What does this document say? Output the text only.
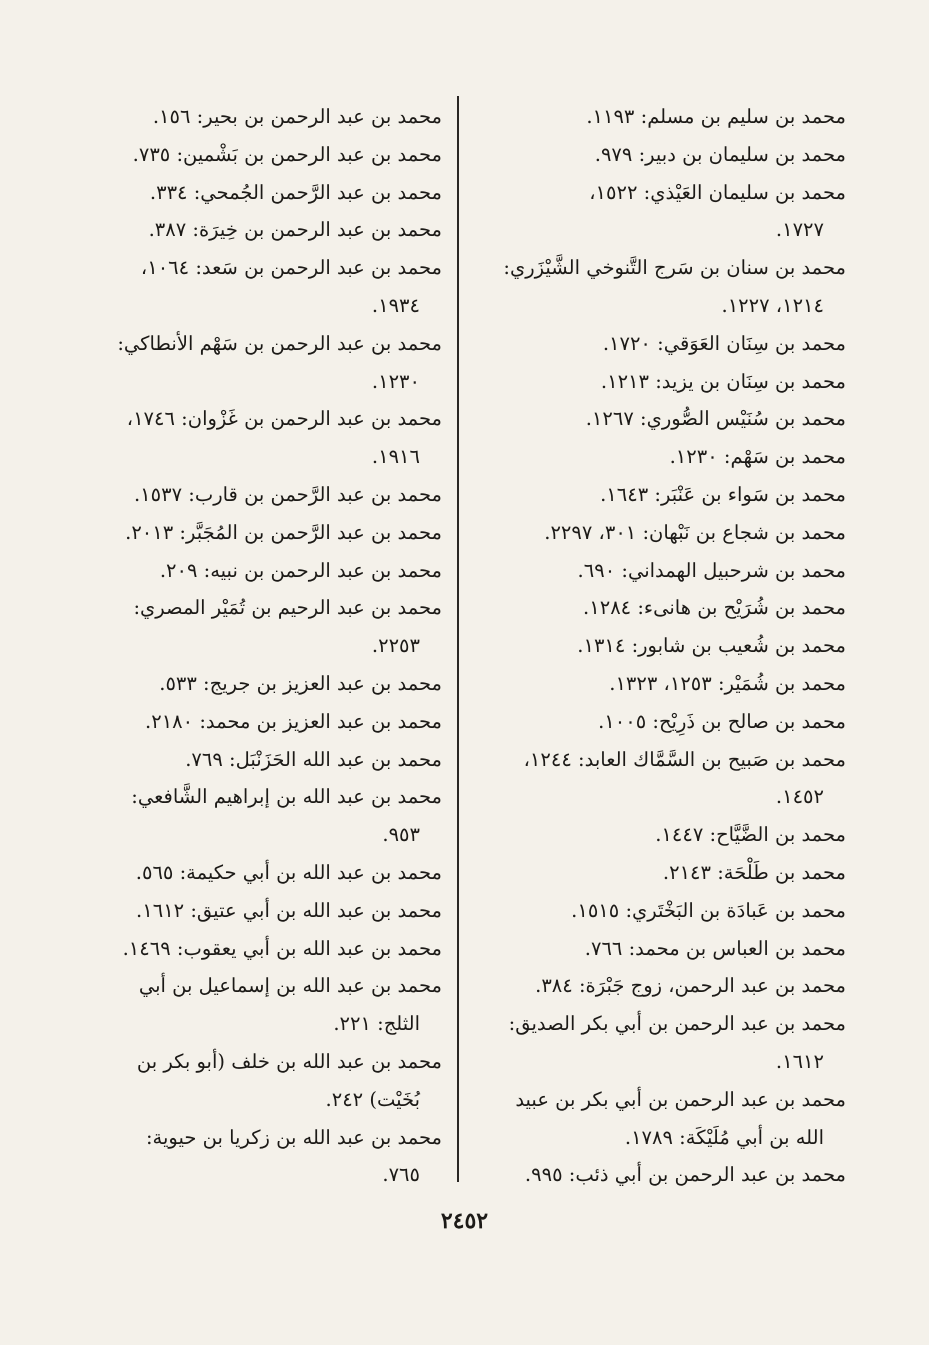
محمد بن سليم بن مسلم: ١١٩٣.
محمد بن سليمان بن دبير: ٩٧٩.
محمد بن سليمان العَيْذي: ١٥٢٢،
١٧٢٧.
محمد بن سنان بن سَرج التَّنوخي الشَّيْزَري:
١٢١٤، ١٢٢٧.
محمد بن سِنَان العَوَقي: ١٧٢٠.
محمد بن سِنَان بن يزيد: ١٢١٣.
محمد بن سُنَيْس الصُّوري: ١٢٦٧.
محمد بن سَهْم: ١٢٣٠.
محمد بن سَواء بن عَنْبَر: ١٦٤٣.
محمد بن شجاع بن نَبْهان: ٣٠١، ٢٢٩٧.
محمد بن شرحبيل الهمداني: ٦٩٠.
محمد بن شُرَيْح بن هانىء: ١٢٨٤.
محمد بن شُعيب بن شابور: ١٣١٤.
محمد بن شُمَيْر: ١٢٥٣، ١٣٢٣.
محمد بن صالح بن ذَرِيْح: ١٠٠٥.
محمد بن صَبيح بن السَّمَّاك العابد: ١٢٤٤،
١٤٥٢.
محمد بن الضَّيَّاح: ١٤٤٧.
محمد بن طَلْحَة: ٢١٤٣.
محمد بن عَبادَة بن البَخْتَري: ١٥١٥.
محمد بن العباس بن محمد: ٧٦٦.
محمد بن عبد الرحمن، زوج جَبْرَة: ٣٨٤.
محمد بن عبد الرحمن بن أبي بكر الصديق:
١٦١٢.
محمد بن عبد الرحمن بن أبي بكر بن عبيد
الله بن أبي مُلَيْكَة: ١٧٨٩.
محمد بن عبد الرحمن بن أبي ذئب: ٩٩٥.
محمد بن عبد الرحمن بن بحير: ١٥٦.
محمد بن عبد الرحمن بن بَشْمين: ٧٣٥.
محمد بن عبد الرَّحمن الجُمحي: ٣٣٤.
محمد بن عبد الرحمن بن خِيرَة: ٣٨٧.
محمد بن عبد الرحمن بن سَعد: ١٠٦٤،
١٩٣٤.
محمد بن عبد الرحمن بن سَهْم الأنطاكي:
١٢٣٠.
محمد بن عبد الرحمن بن غَزْوان: ١٧٤٦،
١٩١٦.
محمد بن عبد الرَّحمن بن قارب: ١٥٣٧.
محمد بن عبد الرَّحمن بن المُجَبَّر: ٢٠١٣.
محمد بن عبد الرحمن بن نبيه: ٢٠٩.
محمد بن عبد الرحيم بن تُمَيْر المصري:
٢٢٥٣.
محمد بن عبد العزيز بن جريج: ٥٣٣.
محمد بن عبد العزيز بن محمد: ٢١٨٠.
محمد بن عبد الله الحَزَنْبَل: ٧٦٩.
محمد بن عبد الله بن إبراهيم الشَّافعي:
٩٥٣.
محمد بن عبد الله بن أبي حكيمة: ٥٦٥.
محمد بن عبد الله بن أبي عتيق: ١٦١٢.
محمد بن عبد الله بن أبي يعقوب: ١٤٦٩.
محمد بن عبد الله بن إسماعيل بن أبي
الثلج: ٢٢١.
محمد بن عبد الله بن خلف (أبو بكر بن
بُخَيْت) ٢٤٢.
محمد بن عبد الله بن زكريا بن حيوية:
٧٦٥.
٢٤٥٢
